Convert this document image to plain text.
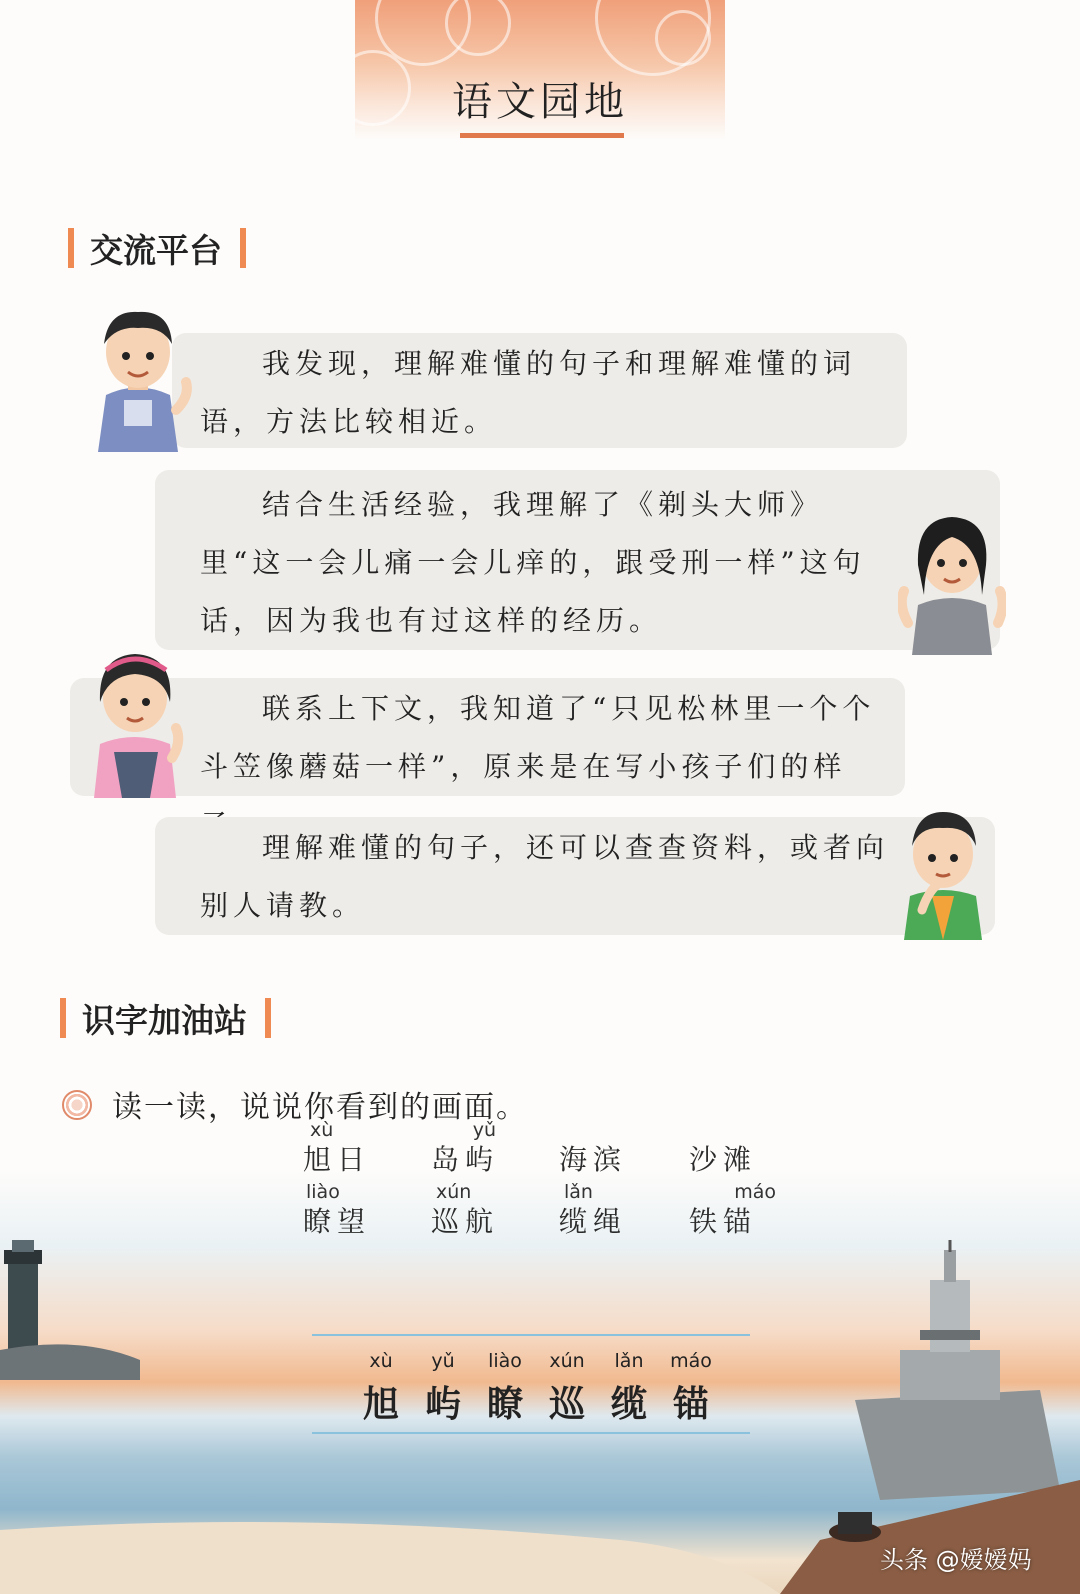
语文园地
交流平台
我发现，理解难懂的句子和理解难懂的词语，方法比较相近。
结合生活经验，我理解了《剃头大师》里“这一会儿痛一会儿痒的，跟受刑一样”这句话，因为我也有过这样的经历。
联系上下文，我知道了“只见松林里一个个斗笠像蘑菇一样”，原来是在写小孩子们的样
理解难懂的句子，还可以查查资料，或者向别人请教。
识字加油站
读一读，说说你看到的画面。
xù
旭日
yǔ
岛屿	海滨	沙滩
liào
瞭望
xún
巡航
lǎn
缆绳
máo
铁锚
xù
旭
yǔ
屿
liào
瞭
xún
巡
lǎn
缆
máo
锚
头条 @嫒嫒妈
